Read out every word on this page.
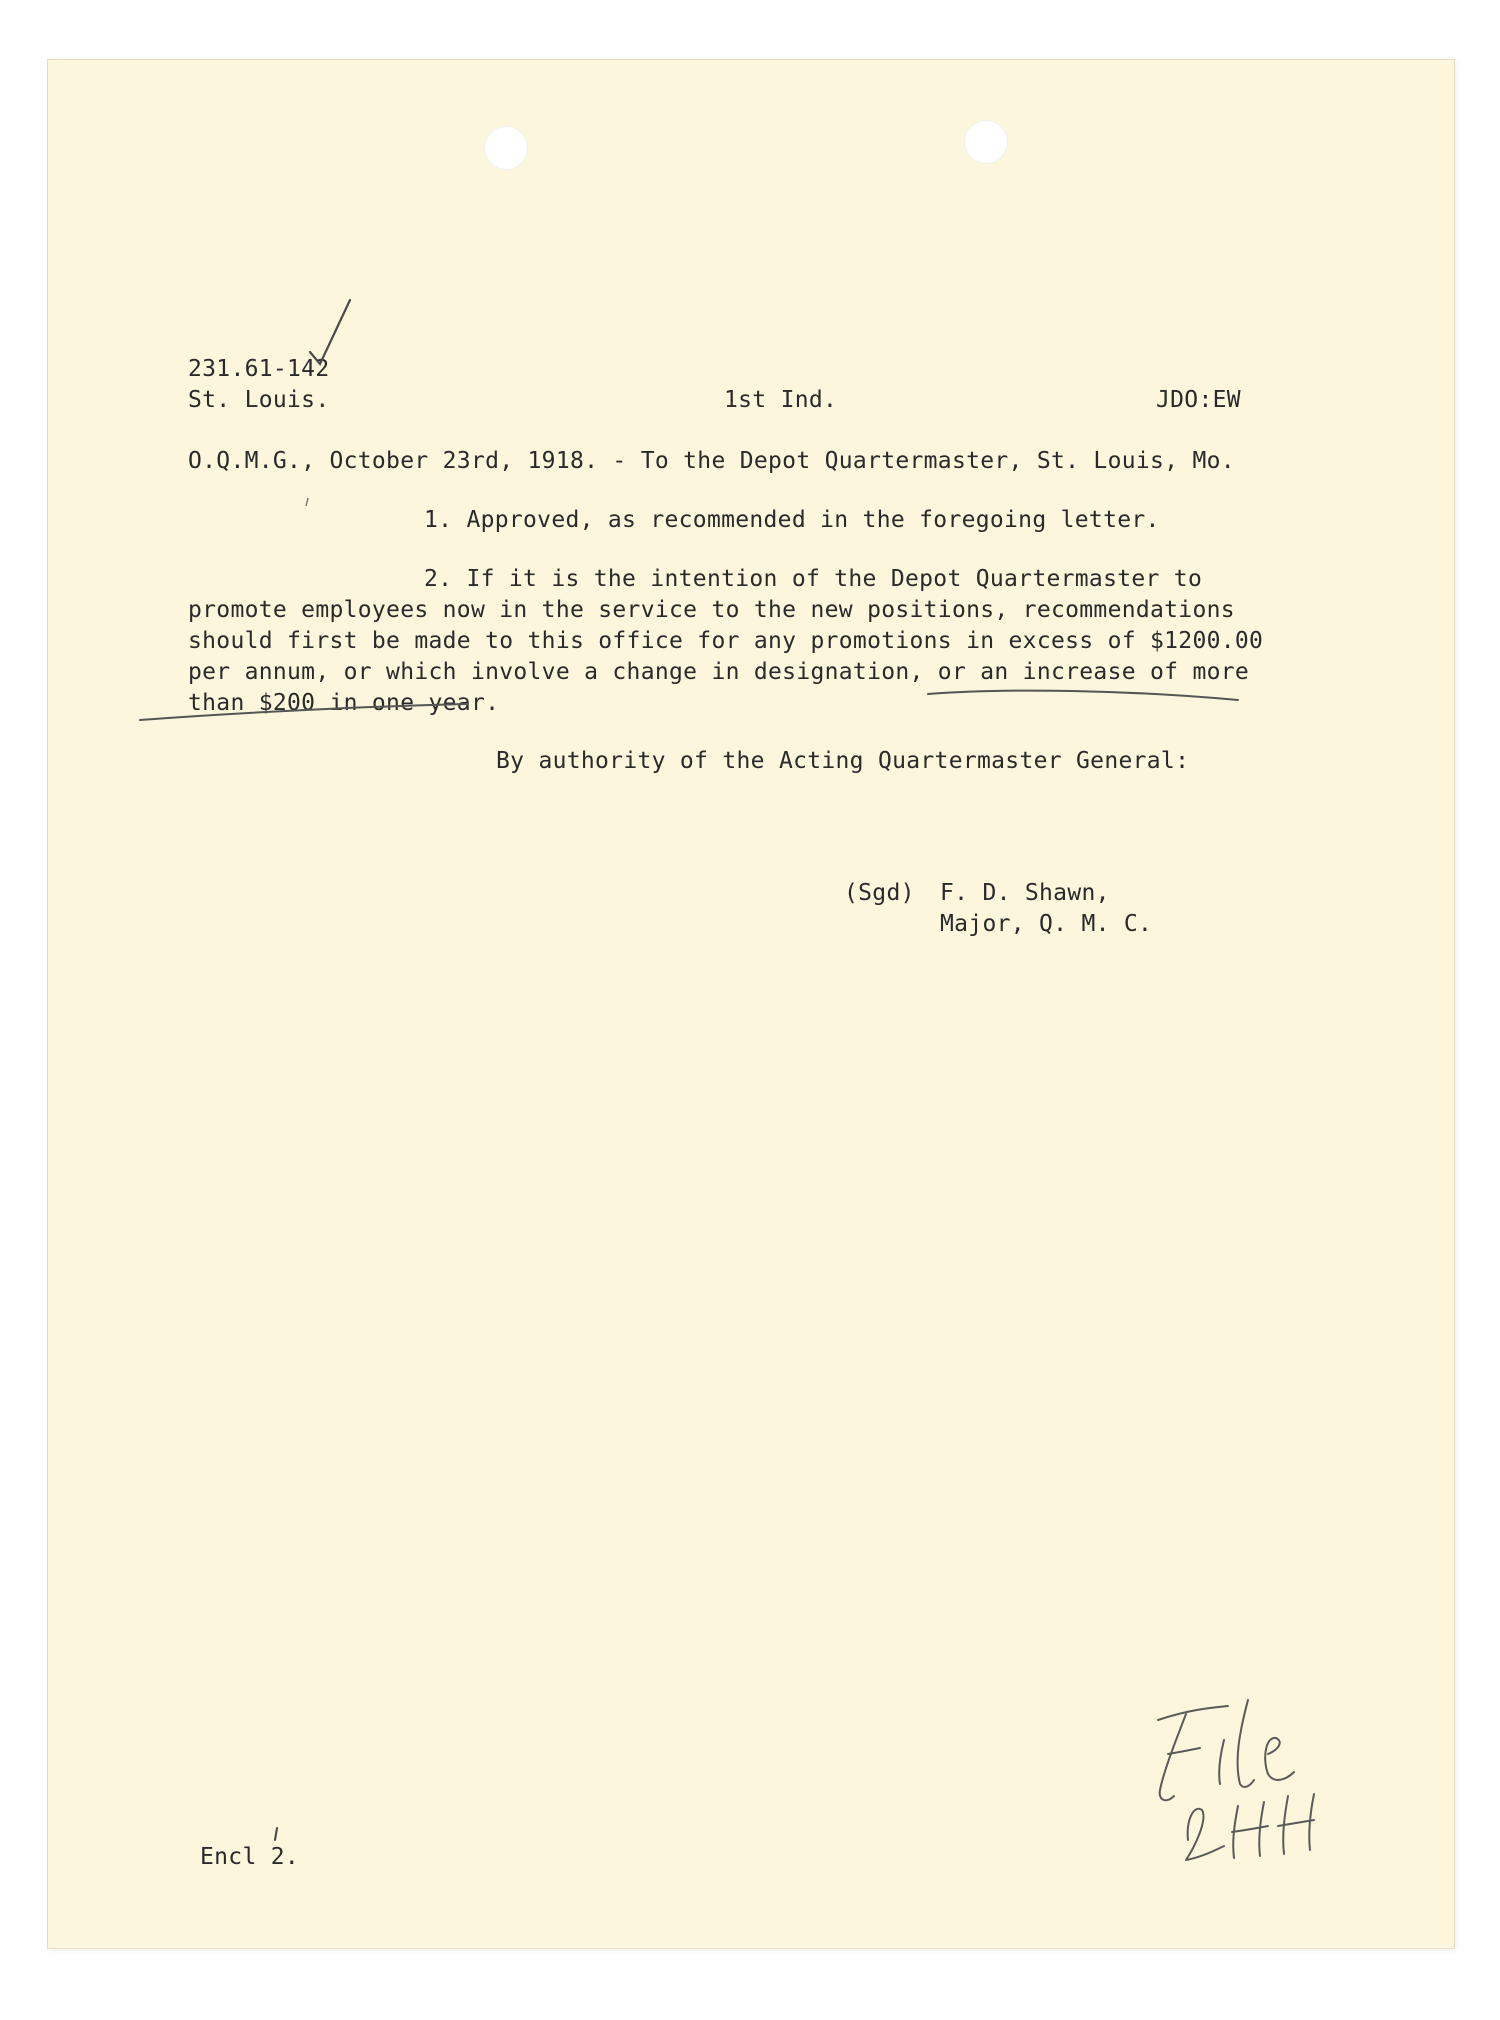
231.61-142
St. Louis.	1st Ind.	JDO:EW
O.Q.M.G., October 23rd, 1918. - To the Depot Quartermaster, St. Louis, Mo.
1. Approved, as recommended in the foregoing letter.
2. If it is the intention of the Depot Quartermaster to
promote employees now in the service to the new positions, recommendations
should first be made to this office for any promotions in excess of $1200.00
per annum, or which involve a change in designation, or an increase of more
than $200 in one year.
By authority of the Acting Quartermaster General:
(Sgd) F. D. Shawn,
Major, Q. M. C.
Encl 2.
